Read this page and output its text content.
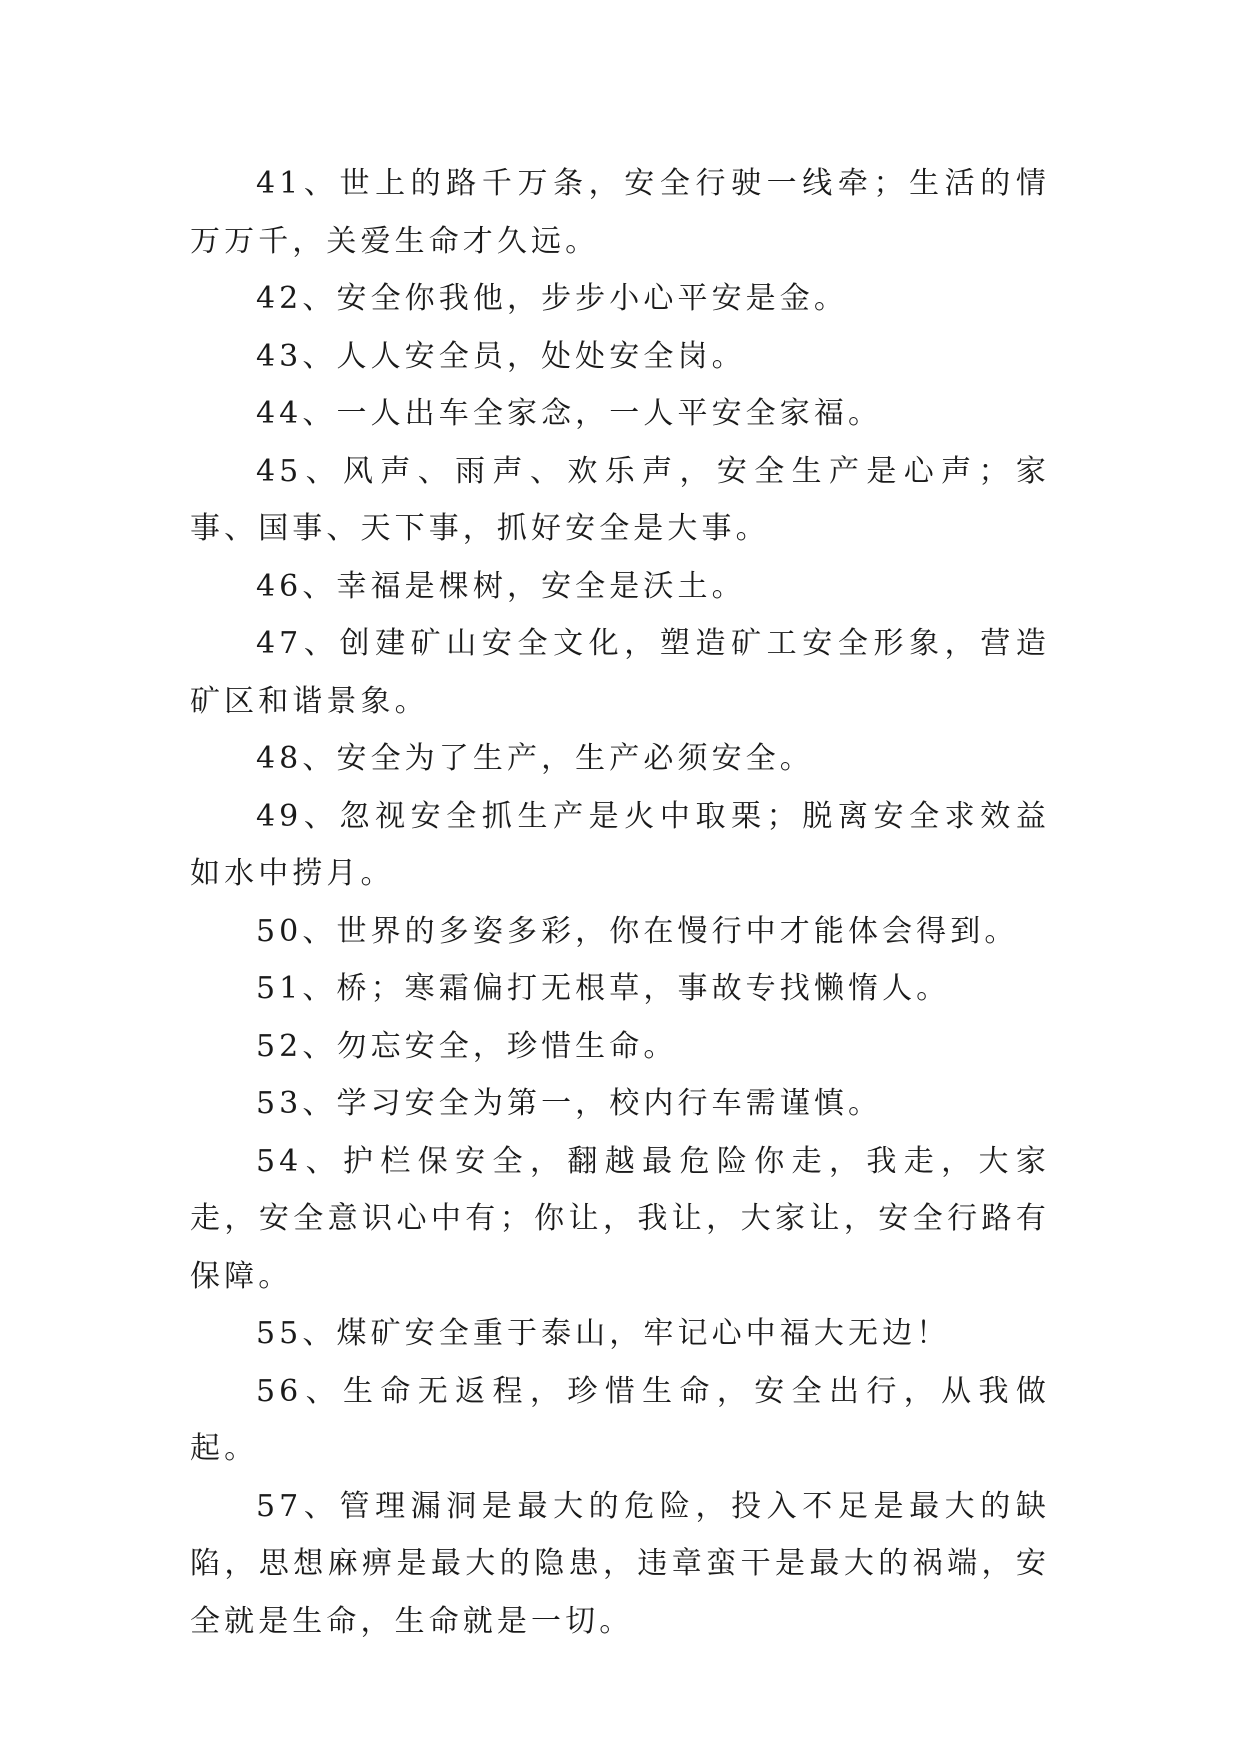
41、世上的路千万条，安全行驶一线牵；生活的情万万千，关爱生命才久远。

42、安全你我他，步步小心平安是金。

43、人人安全员，处处安全岗。

44、一人出车全家念，一人平安全家福。

45、风声、雨声、欢乐声，安全生产是心声；家事、国事、天下事，抓好安全是大事。

46、幸福是棵树，安全是沃土。

47、创建矿山安全文化，塑造矿工安全形象，营造矿区和谐景象。

48、安全为了生产，生产必须安全。

49、忽视安全抓生产是火中取栗；脱离安全求效益如水中捞月。

50、世界的多姿多彩，你在慢行中才能体会得到。

51、桥；寒霜偏打无根草，事故专找懒惰人。

52、勿忘安全，珍惜生命。

53、学习安全为第一，校内行车需谨慎。

54、护栏保安全，翻越最危险你走，我走，大家走，安全意识心中有；你让，我让，大家让，安全行路有保障。

55、煤矿安全重于泰山，牢记心中福大无边！

56、生命无返程，珍惜生命，安全出行，从我做起。

57、管理漏洞是最大的危险，投入不足是最大的缺陷，思想麻痹是最大的隐患，违章蛮干是最大的祸端，安全就是生命，生命就是一切。
